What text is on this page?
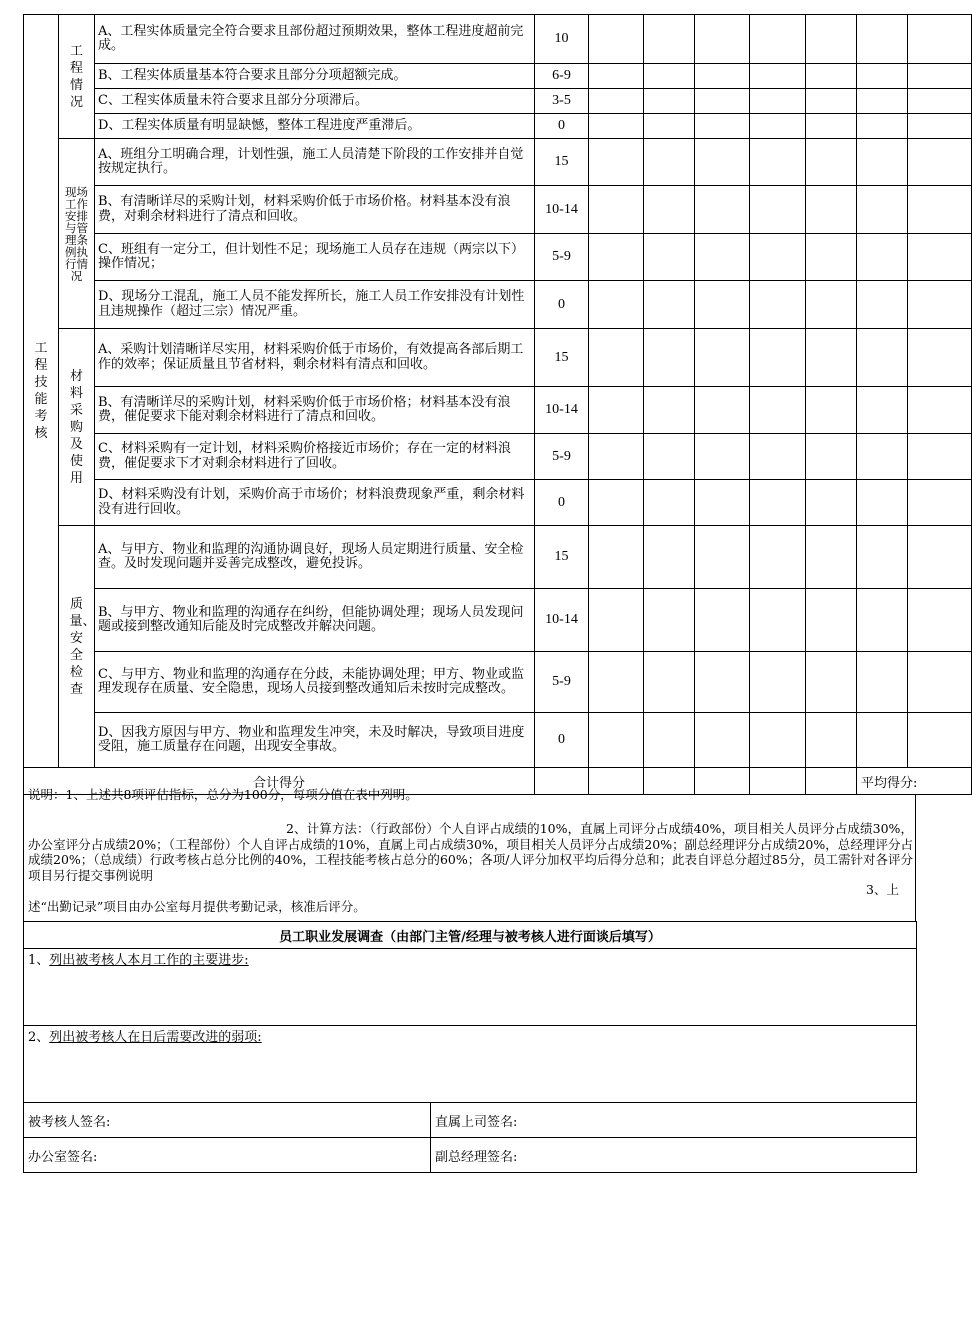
工程技能考核	工程情况	A、工程实体质量完全符合要求且部份超过预期效果，整体工程进度超前完成。	10							
		B、工程实体质量基本符合要求且部分分项超额完成。	6-9							
		C、工程实体质量未符合要求且部分分项滞后。	3-5							
		D、工程实体质量有明显缺憾，整体工程进度严重滞后。	0							
	现场工作安排与管理条例执行情况	A、班组分工明确合理，计划性强，施工人员清楚下阶段的工作安排并自觉按规定执行。	15							
		B、有清晰详尽的采购计划，材料采购价低于市场价格。材料基本没有浪费，对剩余材料进行了清点和回收。	10-14							
		C、班组有一定分工，但计划性不足；现场施工人员存在违规（两宗以下）操作情况；	5-9							
		D、现场分工混乱，施工人员不能发挥所长，施工人员工作安排没有计划性且违规操作（超过三宗）情况严重。	0							
	材料采购及使用	A、采购计划清晰详尽实用，材料采购价低于市场价，有效提高各部后期工作的效率；保证质量且节省材料，剩余材料有清点和回收。	15							
		B、有清晰详尽的采购计划，材料采购价低于市场价格；材料基本没有浪费，催促要求下能对剩余材料进行了清点和回收。	10-14							
		C、材料采购有一定计划，材料采购价格接近市场价；存在一定的材料浪费，催促要求下才对剩余材料进行了回收。	5-9							
		D、材料采购没有计划，采购价高于市场价；材料浪费现象严重，剩余材料没有进行回收。	0							
	质量、安全检查	A、与甲方、物业和监理的沟通协调良好，现场人员定期进行质量、安全检查。及时发现问题并妥善完成整改，避免投诉。	15							
		B、与甲方、物业和监理的沟通存在纠纷，但能协调处理；现场人员发现问题或接到整改通知后能及时完成整改并解决问题。	10-14							
		C、与甲方、物业和监理的沟通存在分歧，未能协调处理；甲方、物业或监理发现存在质量、安全隐患，现场人员接到整改通知后未按时完成整改。	5-9							
		D、因我方原因与甲方、物业和监理发生冲突，未及时解决，导致项目进度受阻，施工质量存在问题，出现安全事故。	0							
合计得分									平均得分:	
说明：1、上述共8项评估指标，总分为100分，每项分值在表中列明。
2、计算方法：（行政部份）个人自评占成绩的10%，直属上司评分占成绩40%，项目相关人员评分占成绩30%，办公室评分占成绩20%；（工程部份）个人自评占成绩的10%，直属上司占成绩30%，项目相关人员评分占成绩20%；副总经理评分占成绩20%，总经理评分占成绩20%；（总成绩）行政考核占总分比例的40%，工程技能考核占总分的60%；各项/人评分加权平均后得分总和；此表自评总分超过85分，员工需针对各评分项目另行提交事例说明
3、上
述“出勤记录”项目由办公室每月提供考勤记录，核准后评分。
员工职业发展调查（由部门主管/经理与被考核人进行面谈后填写）	
1、列出被考核人本月工作的主要进步:	
2、列出被考核人在日后需要改进的弱项:	
被考核人签名:	直属上司签名:
办公室签名:	副总经理签名:
